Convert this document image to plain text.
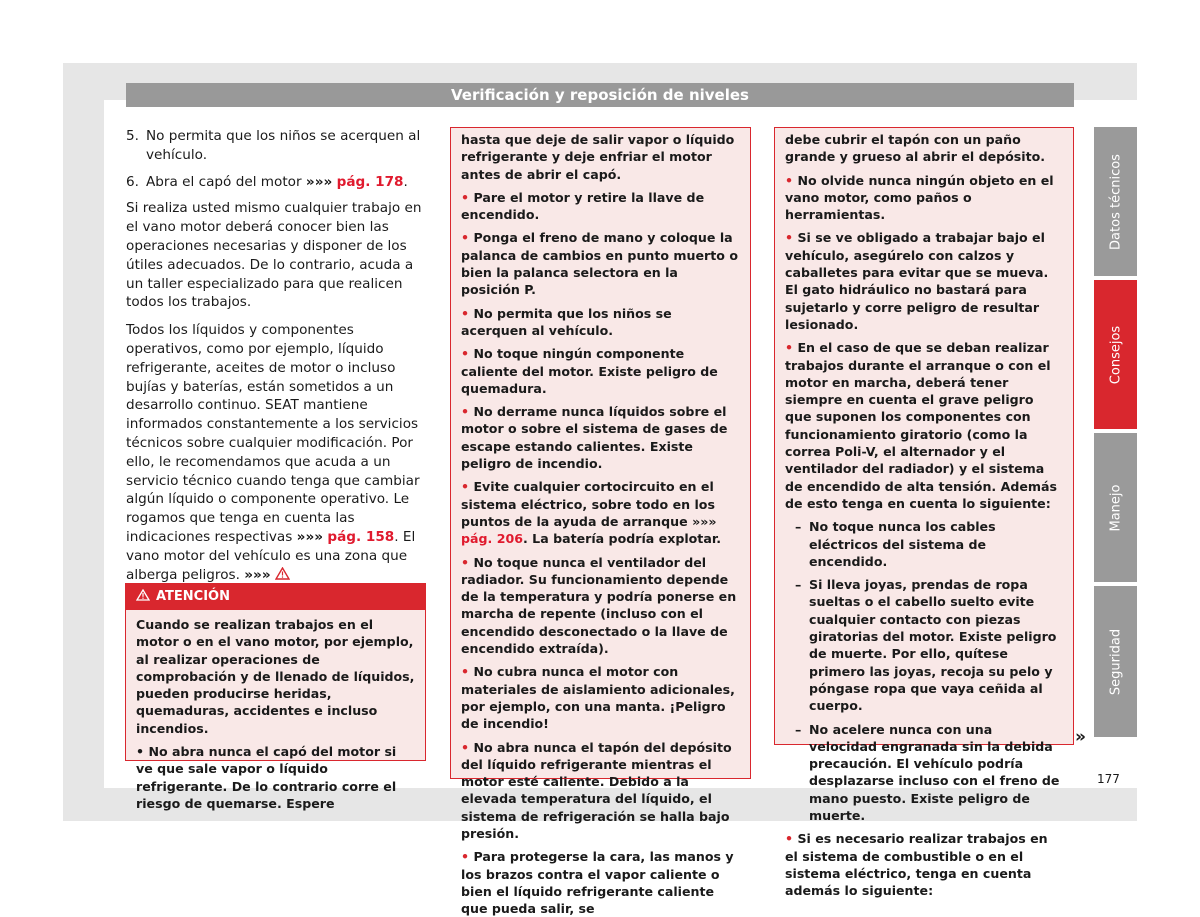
Verificación y reposición de niveles
5. No permita que los niños se acerquen al vehículo.
6. Abra el capó del motor »»» pág. 178.

Si realiza usted mismo cualquier trabajo en el vano motor deberá conocer bien las operaciones necesarias y disponer de los útiles adecuados. De lo contrario, acuda a un taller especializado para que realicen todos los trabajos.

Todos los líquidos y componentes operativos, como por ejemplo, líquido refrigerante, aceites de motor o incluso bujías y baterías, están sometidos a un desarrollo continuo. SEAT mantiene informados constantemente a los servicios técnicos sobre cualquier modificación. Por ello, le recomendamos que acuda a un servicio técnico cuando tenga que cambiar algún líquido o componente operativo. Le rogamos que tenga en cuenta las indicaciones respectivas »»» pág. 158. El vano motor del vehículo es una zona que alberga peligros. »»»

ATENCIÓN

Cuando se realizan trabajos en el motor o en el vano motor, por ejemplo, al realizar operaciones de comprobación y de llenado de líquidos, pueden producirse heridas, quemaduras, accidentes e incluso incendios.

• No abra nunca el capó del motor si ve que sale vapor o líquido refrigerante. De lo contrario corre el riesgo de quemarse. Espere

hasta que deje de salir vapor o líquido refrigerante y deje enfriar el motor antes de abrir el capó.

• Pare el motor y retire la llave de encendido.

• Ponga el freno de mano y coloque la palanca de cambios en punto muerto o bien la palanca selectora en la posición P.

• No permita que los niños se acerquen al vehículo.

• No toque ningún componente caliente del motor. Existe peligro de quemadura.

• No derrame nunca líquidos sobre el motor o sobre el sistema de gases de escape estando calientes. Existe peligro de incendio.

• Evite cualquier cortocircuito en el sistema eléctrico, sobre todo en los puntos de la ayuda de arranque »»» pág. 206. La batería podría explotar.

• No toque nunca el ventilador del radiador. Su funcionamiento depende de la temperatura y podría ponerse en marcha de repente (incluso con el encendido desconectado o la llave de encendido extraída).

• No cubra nunca el motor con materiales de aislamiento adicionales, por ejemplo, con una manta. ¡Peligro de incendio!

• No abra nunca el tapón del depósito del líquido refrigerante mientras el motor esté caliente. Debido a la elevada temperatura del líquido, el sistema de refrigeración se halla bajo presión.

• Para protegerse la cara, las manos y los brazos contra el vapor caliente o bien el líquido refrigerante caliente que pueda salir, se

debe cubrir el tapón con un paño grande y grueso al abrir el depósito.

• No olvide nunca ningún objeto en el vano motor, como paños o herramientas.

• Si se ve obligado a trabajar bajo el vehículo, asegúrelo con calzos y caballetes para evitar que se mueva. El gato hidráulico no bastará para sujetarlo y corre peligro de resultar lesionado.

• En el caso de que se deban realizar trabajos durante el arranque o con el motor en marcha, deberá tener siempre en cuenta el grave peligro que suponen los componentes con funcionamiento giratorio (como la correa Poli-V, el alternador y el ventilador del radiador) y el sistema de encendido de alta tensión. Además de esto tenga en cuenta lo siguiente:

– No toque nunca los cables eléctricos del sistema de encendido.
– Si lleva joyas, prendas de ropa sueltas o el cabello suelto evite cualquier contacto con piezas giratorias del motor. Existe peligro de muerte. Por ello, quítese primero las joyas, recoja su pelo y póngase ropa que vaya ceñida al cuerpo.
– No acelere nunca con una velocidad engranada sin la debida precaución. El vehículo podría desplazarse incluso con el freno de mano puesto. Existe peligro de muerte.

• Si es necesario realizar trabajos en el sistema de combustible o en el sistema eléctrico, tenga en cuenta además lo siguiente:

»
Datos técnicos
Consejos
Manejo
Seguridad
177
